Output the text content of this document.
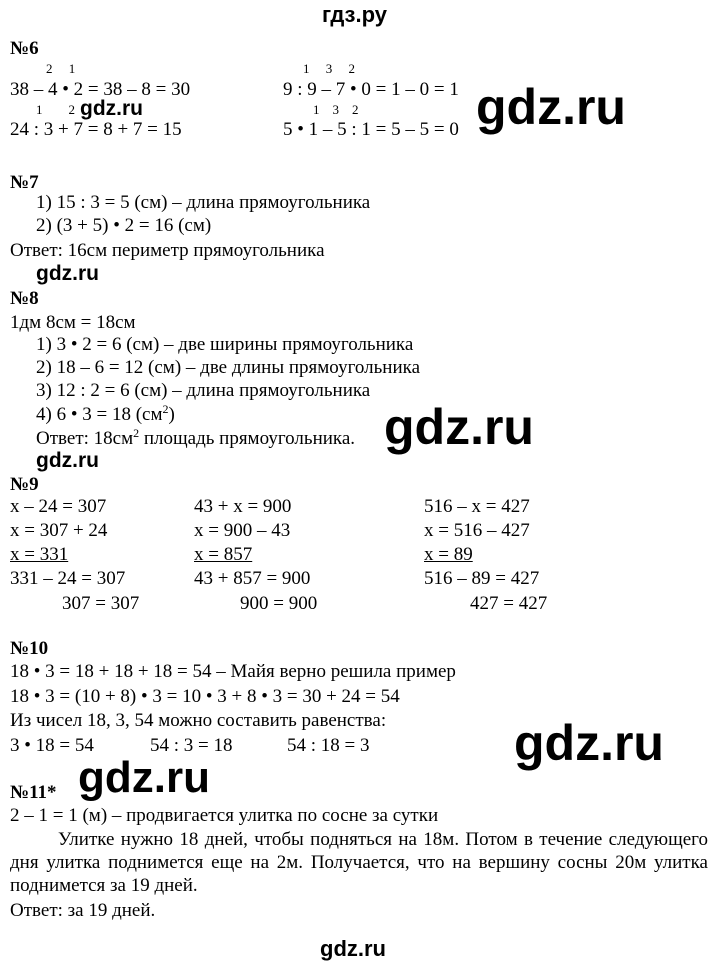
гдз.ру
№6
2     1
38 – 4 • 2 = 38 – 8 = 30
1     3     2
9 : 9 – 7 • 0 = 1 – 0 = 1
1        2
24 : 3 + 7 = 8 + 7 = 15
1    3    2
5 • 1 – 5 : 1 = 5 – 5 = 0
№7
1) 15 : 3 = 5 (см) – длина прямоугольника
2) (3 + 5) • 2 = 16 (см)
Ответ: 16см периметр прямоугольника
№8
1дм 8см = 18см
1) 3 • 2 = 6 (см) – две ширины прямоугольника
2) 18 – 6 = 12 (см) – две длины прямоугольника
3) 12 : 2 = 6 (см) – длина прямоугольника
4) 6 • 3 = 18 $(см^2)$
Ответ: $18см^2$ площадь прямоугольника.
№9
x – 24 = 307
x = 307 + 24
x = 331
331 – 24 = 307
307 = 307
43 + x = 900
x = 900 – 43
x = 857
43 + 857 = 900
900 = 900
516 – x = 427
x = 516 – 427
x = 89
516 – 89 = 427
427 = 427
№10
18 • 3 = 18 + 18 + 18 = 54 – Майя верно решила пример
18 • 3 = (10 + 8) • 3 = 10 • 3 + 8 • 3 = 30 + 24 = 54
Из чисел 18, 3, 54 можно составить равенства:
3 • 18 = 54	54 : 3 = 18	54 : 18 = 3
№11*
2 – 1 = 1 (м) – продвигается улитка по сосне за сутки
Улитке нужно 18 дней, чтобы подняться на 18м. Потом в течение следующего дня улитка поднимется еще на 2м. Получается, что на вершину сосны 20м улитка поднимется за 19 дней.
Ответ: за 19 дней.
gdz.ru
gdz.ru
gdz.ru
gdz.ru
gdz.ru
gdz.ru
gdz.ru
gdz.ru
